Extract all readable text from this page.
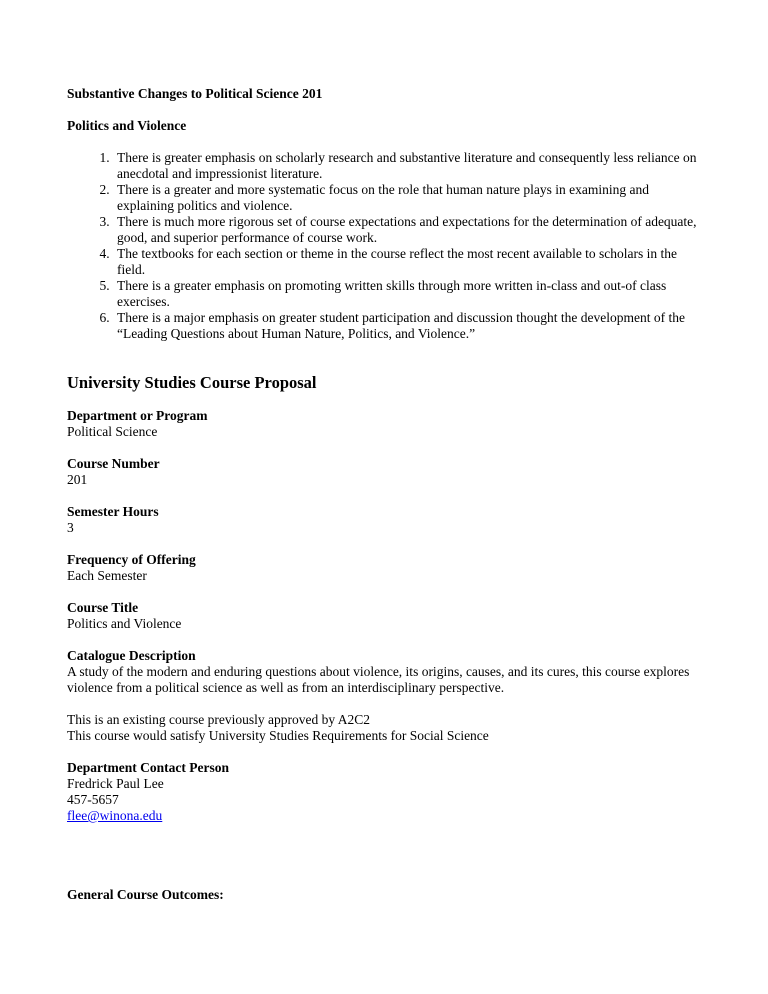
Substantive Changes to Political Science 201

Politics and Violence

1. There is greater emphasis on scholarly research and substantive literature and consequently less reliance on anecdotal and impressionist literature.
2. There is a greater and more systematic focus on the role that human nature plays in examining and explaining politics and violence.
3. There is much more rigorous set of course expectations and expectations for the determination of adequate, good, and superior performance of course work.
4. The textbooks for each section or theme in the course reflect the most recent available to scholars in the field.
5. There is a greater emphasis on promoting written skills through more written in-class and out-of class exercises.
6. There is a major emphasis on greater student participation and discussion thought the development of the “Leading Questions about Human Nature, Politics, and Violence.”

University Studies Course Proposal

Department or Program
Political Science
Course Number
201
Semester Hours
3
Frequency of Offering
Each Semester
Course Title
Politics and Violence
Catalogue Description

A study of the modern and enduring questions about violence, its origins, causes, and its cures, this course explores violence from a political science as well as from an interdisciplinary perspective.

This is an existing course previously approved by A2C2
This course would satisfy University Studies Requirements for Social Science
Department Contact Person
Fredrick Paul Lee
457-5657
flee@winona.edu

General Course Outcomes:
